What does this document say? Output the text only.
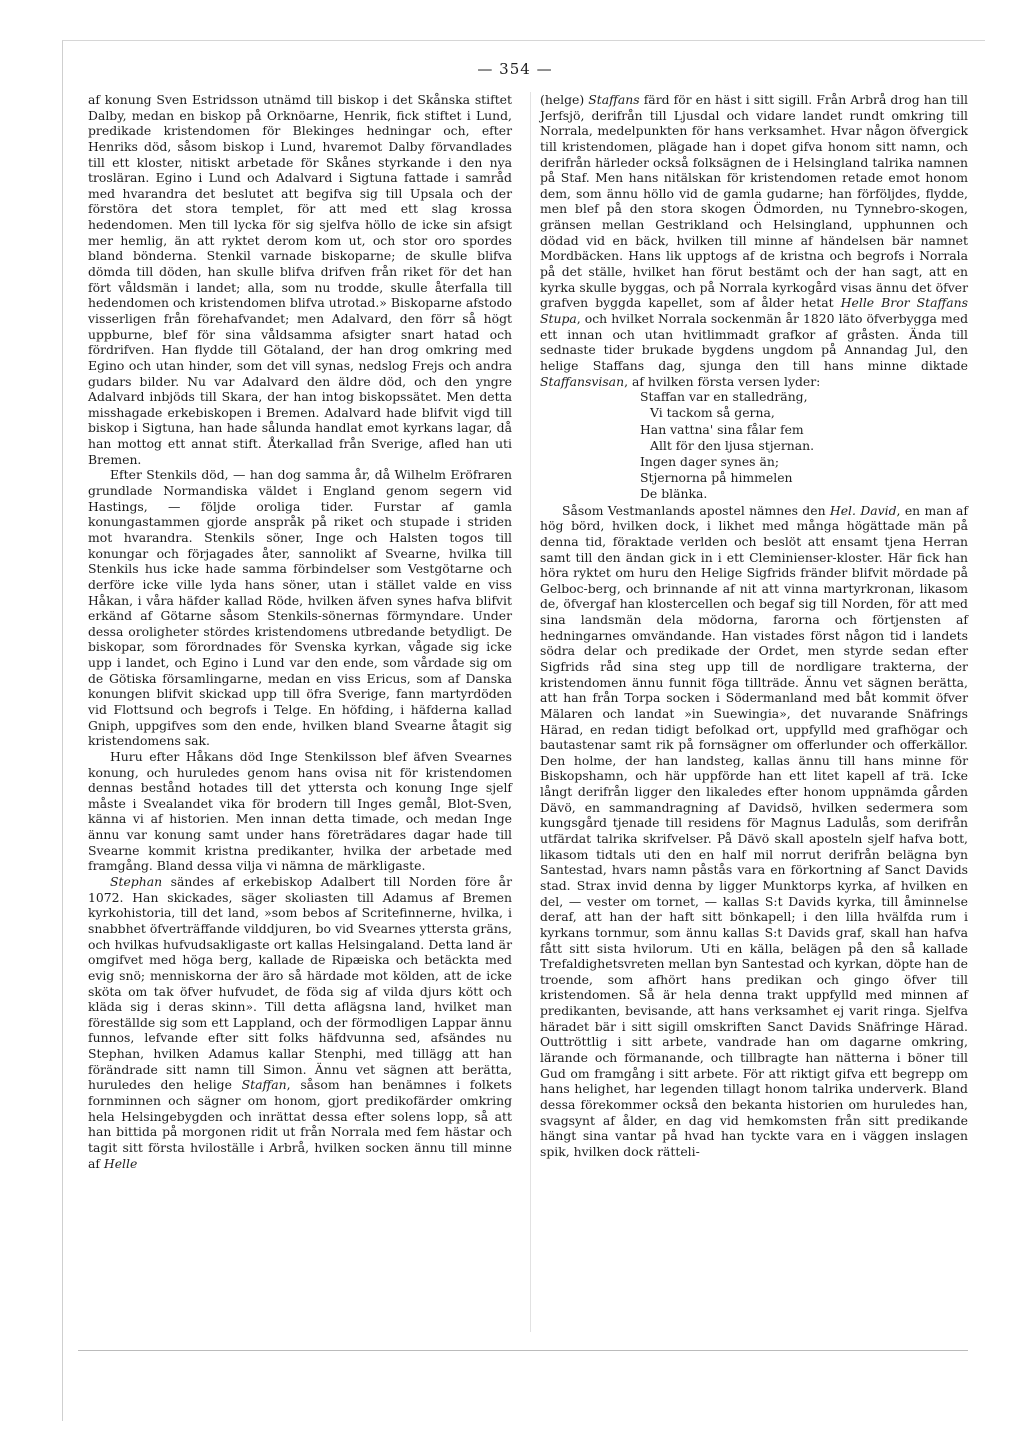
— 354 —

af konung Sven Estridsson utnämd till biskop i det Skånska stiftet Dalby, medan en biskop på Orknöarne, Henrik, fick stiftet i Lund, predikade kristendomen för Blekinges hedningar och, efter Henriks död, såsom biskop i Lund, hvaremot Dalby förvandlades till ett kloster, nitiskt arbetade för Skånes styrkande i den nya trosläran. Egino i Lund och Adalvard i Sigtuna fattade i samråd med hvarandra det beslutet att begifva sig till Upsala och der förstöra det stora templet, för att med ett slag krossa hedendomen. Men till lycka för sig sjelfva höllo de icke sin afsigt mer hemlig, än att ryktet derom kom ut, och stor oro spordes bland bönderna. Stenkil varnade biskoparne; de skulle blifva dömda till döden, han skulle blifva drifven från riket för det han fört våldsmän i landet; alla, som nu trodde, skulle återfalla till hedendomen och kristendomen blifva utrotad.» Biskoparne afstodo visserligen från förehafvandet; men Adalvard, den förr så högt uppburne, blef för sina våldsamma afsigter snart hatad och fördrifven. Han flydde till Götaland, der han drog omkring med Egino och utan hinder, som det vill synas, nedslog Frejs och andra gudars bilder. Nu var Adalvard den äldre död, och den yngre Adalvard inbjöds till Skara, der han intog biskopssätet. Men detta misshagade erkebiskopen i Bremen. Adalvard hade blifvit vigd till biskop i Sigtuna, han hade sålunda handlat emot kyrkans lagar, då han mottog ett annat stift. Återkallad från Sverige, afled han uti Bremen.

Efter Stenkils död, — han dog samma år, då Wilhelm Eröfraren grundlade Normandiska väldet i England genom segern vid Hastings, — följde oroliga tider. Furstar af gamla konungastammen gjorde anspråk på riket och stupade i striden mot hvarandra. Stenkils söner, Inge och Halsten togos till konungar och förjagades åter, sannolikt af Svearne, hvilka till Stenkils hus icke hade samma förbindelser som Vestgötarne och derföre icke ville lyda hans söner, utan i stället valde en viss Håkan, i våra häfder kallad Röde, hvilken äfven synes hafva blifvit erkänd af Götarne såsom Stenkils-sönernas förmyndare. Under dessa oroligheter stördes kristendomens utbredande betydligt. De biskopar, som förordnades för Svenska kyrkan, vågade sig icke upp i landet, och Egino i Lund var den ende, som vårdade sig om de Götiska församlingarne, medan en viss Ericus, som af Danska konungen blifvit skickad upp till öfra Sverige, fann martyrdöden vid Flottsund och begrofs i Telge. En höfding, i häfderna kallad Gniph, uppgifves som den ende, hvilken bland Svearne åtagit sig kristendomens sak.

Huru efter Håkans död Inge Stenkilsson blef äfven Svearnes konung, och huruledes genom hans ovisa nit för kristendomen dennas bestånd hotades till det yttersta och konung Inge sjelf måste i Svealandet vika för brodern till Inges gemål, Blot-Sven, känna vi af historien. Men innan detta timade, och medan Inge ännu var konung samt under hans företrädares dagar hade till Svearne kommit kristna predikanter, hvilka der arbetade med framgång. Bland dessa vilja vi nämna de märkligaste.

Stephan sändes af erkebiskop Adalbert till Norden före år 1072. Han skickades, säger skoliasten till Adamus af Bremen kyrkohistoria, till det land, »som bebos af Scritefinnerne, hvilka, i snabbhet öfverträffande vilddjuren, bo vid Svearnes yttersta gräns, och hvilkas hufvudsakligaste ort kallas Helsingaland. Detta land är omgifvet med höga berg, kallade de Ripæiska och betäckta med evig snö; menniskorna der äro så härdade mot kölden, att de icke sköta om tak öfver hufvudet, de föda sig af vilda djurs kött och kläda sig i deras skinn». Till detta aflägsna land, hvilket man föreställde sig som ett Lappland, och der förmodligen Lappar ännu funnos, lefvande efter sitt folks häfdvunna sed, afsändes nu Stephan, hvilken Adamus kallar Stenphi, med tillägg att han förändrade sitt namn till Simon. Ännu vet sägnen att berätta, huruledes den helige Staffan, såsom han benämnes i folkets fornminnen och sägner om honom, gjort predikofärder omkring hela Helsingebygden och inrättat dessa efter solens lopp, så att han bittida på morgonen ridit ut från Norrala med fem hästar och tagit sitt första hviloställe i Arbrå, hvilken socken ännu till minne af Helle

(helge) Staffans färd för en häst i sitt sigill. Från Arbrå drog han till Jerfsjö, derifrån till Ljusdal och vidare landet rundt omkring till Norrala, medelpunkten för hans verksamhet. Hvar någon öfvergick till kristendomen, plägade han i dopet gifva honom sitt namn, och derifrån härleder också folksägnen de i Helsingland talrika namnen på Staf. Men hans nitälskan för kristendomen retade emot honom dem, som ännu höllo vid de gamla gudarne; han förföljdes, flydde, men blef på den stora skogen Ödmorden, nu Tynnebro-skogen, gränsen mellan Gestrikland och Helsingland, upphunnen och dödad vid en bäck, hvilken till minne af händelsen bär namnet Mordbäcken. Hans lik upptogs af de kristna och begrofs i Norrala på det ställe, hvilket han förut bestämt och der han sagt, att en kyrka skulle byggas, och på Norrala kyrkogård visas ännu det öfver grafven byggda kapellet, som af ålder hetat Helle Bror Staffans Stupa, och hvilket Norrala sockenmän år 1820 läto öfverbygga med ett innan och utan hvitlimmadt grafkor af gråsten. Ända till sednaste tider brukade bygdens ungdom på Annandag Jul, den helige Staffans dag, sjunga den till hans minne diktade Staffansvisan, af hvilken första versen lyder:

Staffan var en stalledräng,
Vi tackom så gerna,
Han vattna' sina fålar fem
Allt för den ljusa stjernan.
Ingen dager synes än;
Stjernorna på himmelen
De blänka.

Såsom Vestmanlands apostel nämnes den Hel. David, en man af hög börd, hvilken dock, i likhet med många högättade män på denna tid, föraktade verlden och beslöt att ensamt tjena Herran samt till den ändan gick in i ett Cleminienser-kloster. Här fick han höra ryktet om huru den Helige Sigfrids fränder blifvit mördade på Gelboc-berg, och brinnande af nit att vinna martyrkronan, likasom de, öfvergaf han klostercellen och begaf sig till Norden, för att med sina landsmän dela mödorna, farorna och förtjensten af hedningarnes omvändande. Han vistades först någon tid i landets södra delar och predikade der Ordet, men styrde sedan efter Sigfrids råd sina steg upp till de nordligare trakterna, der kristendomen ännu funnit föga tillträde. Ännu vet sägnen berätta, att han från Torpa socken i Södermanland med båt kommit öfver Mälaren och landat »in Suewingia», det nuvarande Snäfrings Härad, en redan tidigt befolkad ort, uppfylld med grafhögar och bautastenar samt rik på fornsägner om offerlunder och offerkällor. Den holme, der han landsteg, kallas ännu till hans minne för Biskopshamn, och här uppförde han ett litet kapell af trä. Icke långt derifrån ligger den likaledes efter honom uppnämda gården Dävö, en sammandragning af Davidsö, hvilken sedermera som kungsgård tjenade till residens för Magnus Ladulås, som derifrån utfärdat talrika skrifvelser. På Dävö skall aposteln sjelf hafva bott, likasom tidtals uti den en half mil norrut derifrån belägna byn Santestad, hvars namn påstås vara en förkortning af Sanct Davids stad. Strax invid denna by ligger Munktorps kyrka, af hvilken en del, — vester om tornet, — kallas S:t Davids kyrka, till åminnelse deraf, att han der haft sitt bönkapell; i den lilla hvälfda rum i kyrkans tornmur, som ännu kallas S:t Davids graf, skall han hafva fått sitt sista hvilorum. Uti en källa, belägen på den så kallade Trefaldighetsvreten mellan byn Santestad och kyrkan, döpte han de troende, som afhört hans predikan och gingo öfver till kristendomen. Så är hela denna trakt uppfylld med minnen af predikanten, bevisande, att hans verksamhet ej varit ringa. Sjelfva häradet bär i sitt sigill omskriften Sanct Davids Snäfringe Härad. Outtröttlig i sitt arbete, vandrade han om dagarne omkring, lärande och förmanande, och tillbragte han nätterna i böner till Gud om framgång i sitt arbete. För att riktigt gifva ett begrepp om hans helighet, har legenden tillagt honom talrika underverk. Bland dessa förekommer också den bekanta historien om huruledes han, svagsynt af ålder, en dag vid hemkomsten från sitt predikande hängt sina vantar på hvad han tyckte vara en i väggen inslagen spik, hvilken dock rätteli-
